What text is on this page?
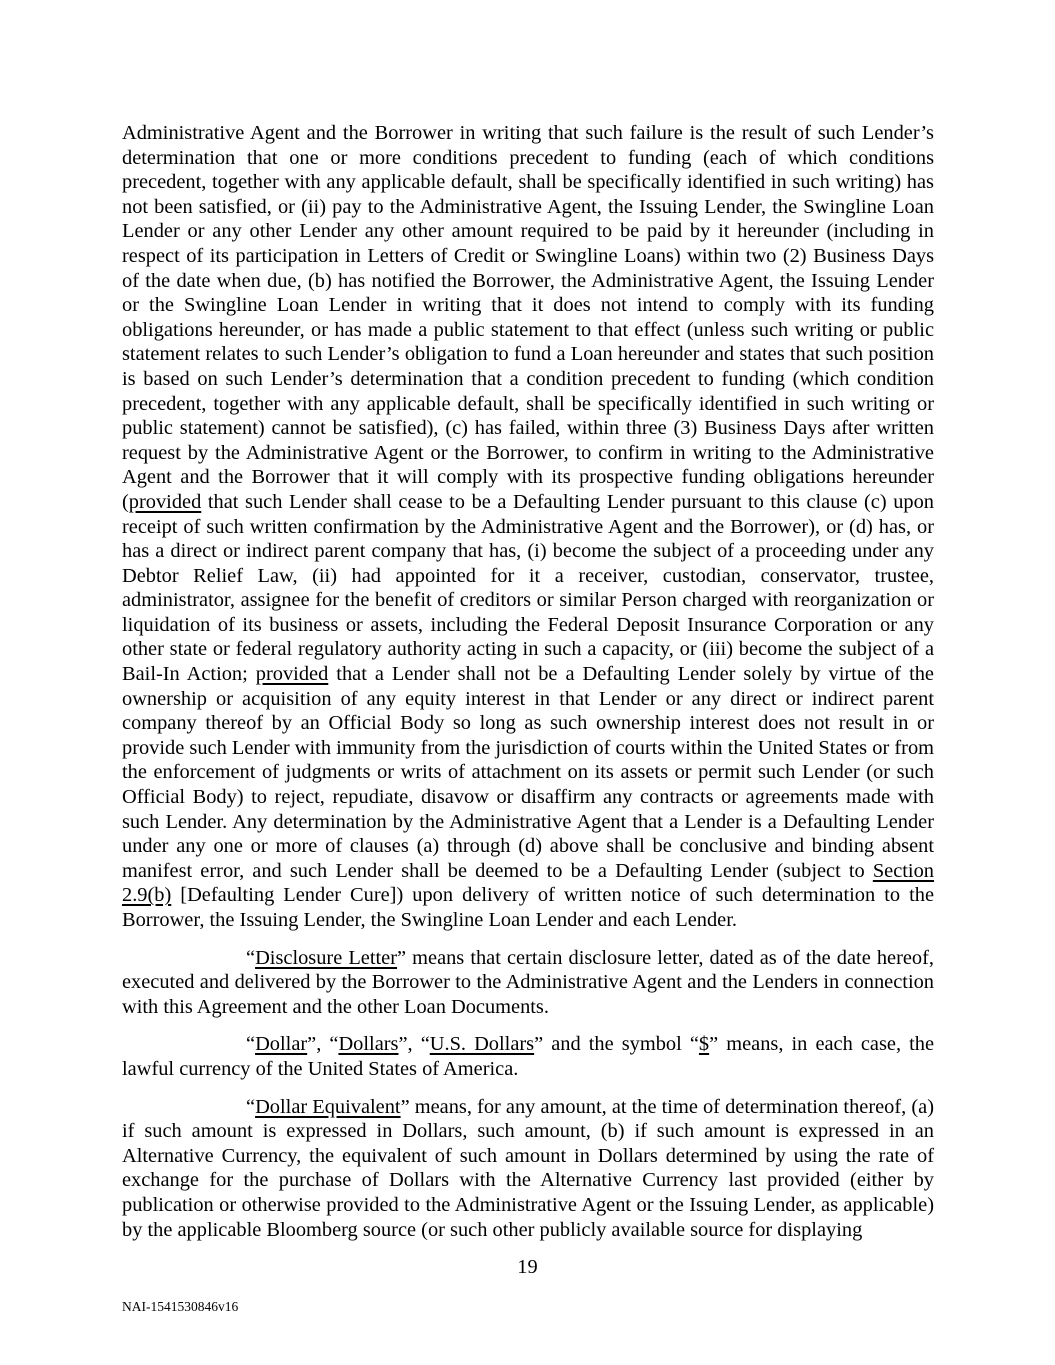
Administrative Agent and the Borrower in writing that such failure is the result of such Lender’s determination that one or more conditions precedent to funding (each of which conditions precedent, together with any applicable default, shall be specifically identified in such writing) has not been satisfied, or (ii) pay to the Administrative Agent, the Issuing Lender, the Swingline Loan Lender or any other Lender any other amount required to be paid by it hereunder (including in respect of its participation in Letters of Credit or Swingline Loans) within two (2) Business Days of the date when due, (b) has notified the Borrower, the Administrative Agent, the Issuing Lender or the Swingline Loan Lender in writing that it does not intend to comply with its funding obligations hereunder, or has made a public statement to that effect (unless such writing or public statement relates to such Lender’s obligation to fund a Loan hereunder and states that such position is based on such Lender’s determination that a condition precedent to funding (which condition precedent, together with any applicable default, shall be specifically identified in such writing or public statement) cannot be satisfied), (c) has failed, within three (3) Business Days after written request by the Administrative Agent or the Borrower, to confirm in writing to the Administrative Agent and the Borrower that it will comply with its prospective funding obligations hereunder (provided that such Lender shall cease to be a Defaulting Lender pursuant to this clause (c) upon receipt of such written confirmation by the Administrative Agent and the Borrower), or (d) has, or has a direct or indirect parent company that has, (i) become the subject of a proceeding under any Debtor Relief Law, (ii) had appointed for it a receiver, custodian, conservator, trustee, administrator, assignee for the benefit of creditors or similar Person charged with reorganization or liquidation of its business or assets, including the Federal Deposit Insurance Corporation or any other state or federal regulatory authority acting in such a capacity, or (iii) become the subject of a Bail-In Action; provided that a Lender shall not be a Defaulting Lender solely by virtue of the ownership or acquisition of any equity interest in that Lender or any direct or indirect parent company thereof by an Official Body so long as such ownership interest does not result in or provide such Lender with immunity from the jurisdiction of courts within the United States or from the enforcement of judgments or writs of attachment on its assets or permit such Lender (or such Official Body) to reject, repudiate, disavow or disaffirm any contracts or agreements made with such Lender. Any determination by the Administrative Agent that a Lender is a Defaulting Lender under any one or more of clauses (a) through (d) above shall be conclusive and binding absent manifest error, and such Lender shall be deemed to be a Defaulting Lender (subject to Section 2.9(b) [Defaulting Lender Cure]) upon delivery of written notice of such determination to the Borrower, the Issuing Lender, the Swingline Loan Lender and each Lender.

“Disclosure Letter” means that certain disclosure letter, dated as of the date hereof, executed and delivered by the Borrower to the Administrative Agent and the Lenders in connection with this Agreement and the other Loan Documents.

“Dollar”, “Dollars”, “U.S. Dollars” and the symbol “$” means, in each case, the lawful currency of the United States of America.

“Dollar Equivalent” means, for any amount, at the time of determination thereof, (a) if such amount is expressed in Dollars, such amount, (b) if such amount is expressed in an Alternative Currency, the equivalent of such amount in Dollars determined by using the rate of exchange for the purchase of Dollars with the Alternative Currency last provided (either by publication or otherwise provided to the Administrative Agent or the Issuing Lender, as applicable) by the applicable Bloomberg source (or such other publicly available source for displaying

19
NAI-1541530846v16
